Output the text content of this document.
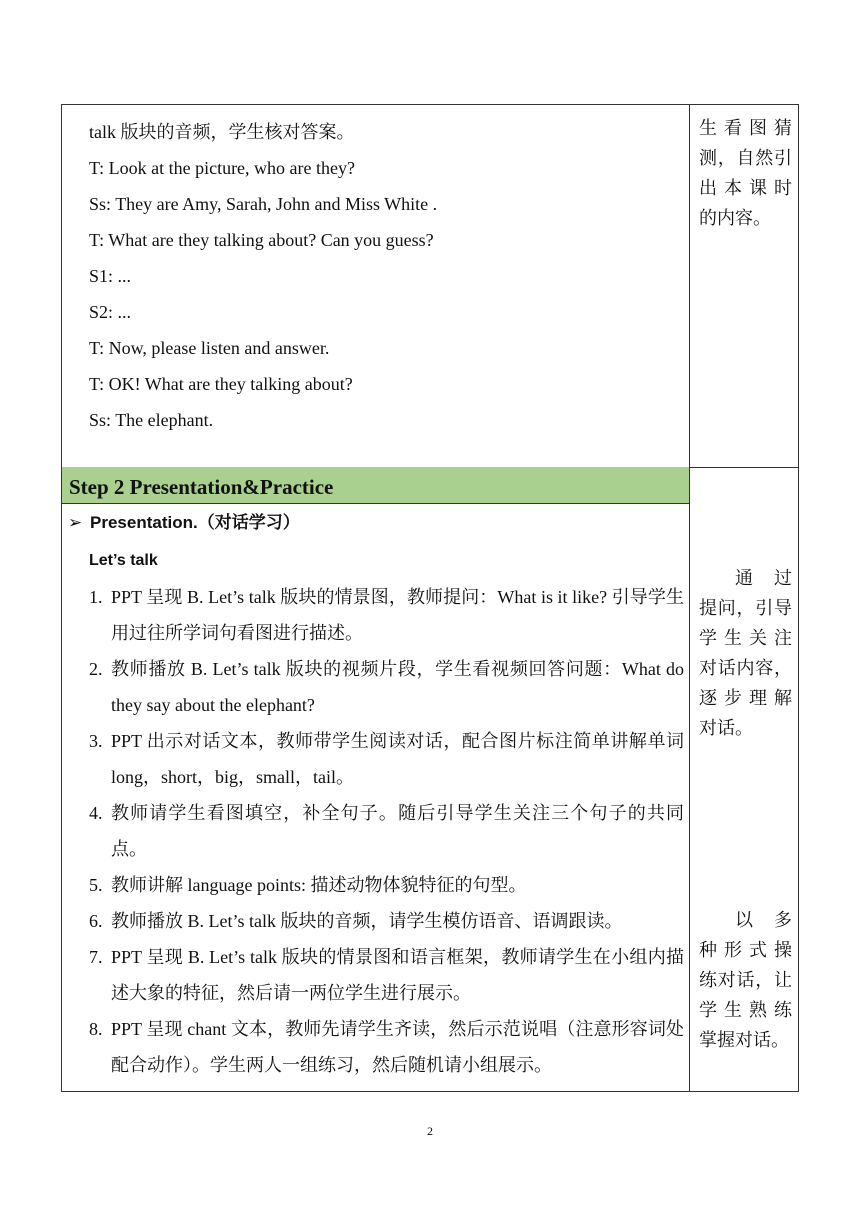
talk 版块的音频，学生核对答案。
T: Look at the picture, who are they?
Ss: They are Amy, Sarah, John and Miss White .
T: What are they talking about? Can you guess?
S1: ...
S2: ...
T: Now, please listen and answer.
T: OK! What are they talking about?
Ss: The elephant.
生看图猜
测，自然引
出本课时
的内容。
Step 2 Presentation&Practice
➢ Presentation.（对话学习）
Let’s talk
1. PPT 呈现 B. Let’s talk 版块的情景图，教师提问：What is it like? 引导学生用过往所学词句看图进行描述。
2. 教师播放 B. Let’s talk 版块的视频片段，学生看视频回答问题：What do they say about the elephant?
3. PPT 出示对话文本，教师带学生阅读对话，配合图片标注简单讲解单词 long，short，big，small，tail。
4. 教师请学生看图填空，补全句子。随后引导学生关注三个句子的共同点。
5. 教师讲解 language points: 描述动物体貌特征的句型。
6. 教师播放 B. Let’s talk 版块的音频，请学生模仿语音、语调跟读。
7. PPT 呈现 B. Let’s talk 版块的情景图和语言框架，教师请学生在小组内描述大象的特征，然后请一两位学生进行展示。
8. PPT 呈现 chant 文本，教师先请学生齐读，然后示范说唱（注意形容词处配合动作）。学生两人一组练习，然后随机请小组展示。
通过
提问，引导
学生关注
对话内容，
逐步理解
对话。
以多
种形式操
练对话，让
学生熟练
掌握对话。
2
